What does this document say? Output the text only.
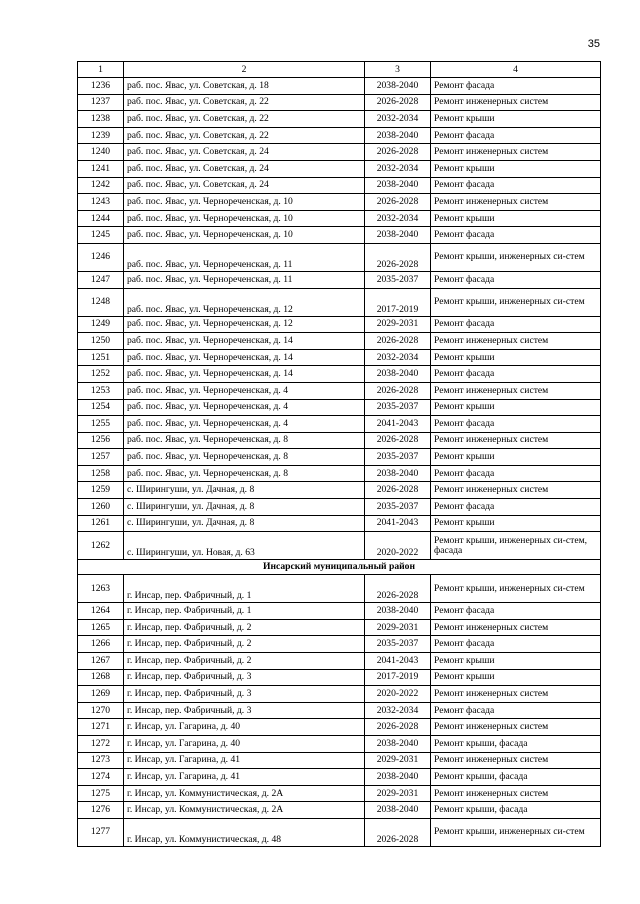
35
1	2	3	4
1236	раб. пос. Явас, ул. Советская, д. 18	2038-2040	Ремонт фасада
1237	раб. пос. Явас, ул. Советская, д. 22	2026-2028	Ремонт инженерных систем
1238	раб. пос. Явас, ул. Советская, д. 22	2032-2034	Ремонт крыши
1239	раб. пос. Явас, ул. Советская, д. 22	2038-2040	Ремонт фасада
1240	раб. пос. Явас, ул. Советская, д. 24	2026-2028	Ремонт инженерных систем
1241	раб. пос. Явас, ул. Советская, д. 24	2032-2034	Ремонт крыши
1242	раб. пос. Явас, ул. Советская, д. 24	2038-2040	Ремонт фасада
1243	раб. пос. Явас, ул. Чернореченская, д. 10	2026-2028	Ремонт инженерных систем
1244	раб. пос. Явас, ул. Чернореченская, д. 10	2032-2034	Ремонт крыши
1245	раб. пос. Явас, ул. Чернореченская, д. 10	2038-2040	Ремонт фасада
1246	раб. пос. Явас, ул. Чернореченская, д. 11	2026-2028	Ремонт крыши, инженерных си-стем
1247	раб. пос. Явас, ул. Чернореченская, д. 11	2035-2037	Ремонт фасада
1248	раб. пос. Явас, ул. Чернореченская, д. 12	2017-2019	Ремонт крыши, инженерных си-стем
1249	раб. пос. Явас, ул. Чернореченская, д. 12	2029-2031	Ремонт фасада
1250	раб. пос. Явас, ул. Чернореченская, д. 14	2026-2028	Ремонт инженерных систем
1251	раб. пос. Явас, ул. Чернореченская, д. 14	2032-2034	Ремонт крыши
1252	раб. пос. Явас, ул. Чернореченская, д. 14	2038-2040	Ремонт фасада
1253	раб. пос. Явас, ул. Чернореченская, д. 4	2026-2028	Ремонт инженерных систем
1254	раб. пос. Явас, ул. Чернореченская, д. 4	2035-2037	Ремонт крыши
1255	раб. пос. Явас, ул. Чернореченская, д. 4	2041-2043	Ремонт фасада
1256	раб. пос. Явас, ул. Чернореченская, д. 8	2026-2028	Ремонт инженерных систем
1257	раб. пос. Явас, ул. Чернореченская, д. 8	2035-2037	Ремонт крыши
1258	раб. пос. Явас, ул. Чернореченская, д. 8	2038-2040	Ремонт фасада
1259	с. Ширингуши, ул. Дачная, д. 8	2026-2028	Ремонт инженерных систем
1260	с. Ширингуши, ул. Дачная, д. 8	2035-2037	Ремонт фасада
1261	с. Ширингуши, ул. Дачная, д. 8	2041-2043	Ремонт крыши
1262	с. Ширингуши, ул. Новая, д. 63	2020-2022	Ремонт крыши, инженерных си-стем, фасада
Инсарский муниципальный район			
1263	г. Инсар, пер. Фабричный, д. 1	2026-2028	Ремонт крыши, инженерных си-стем
1264	г. Инсар, пер. Фабричный, д. 1	2038-2040	Ремонт фасада
1265	г. Инсар, пер. Фабричный, д. 2	2029-2031	Ремонт инженерных систем
1266	г. Инсар, пер. Фабричный, д. 2	2035-2037	Ремонт фасада
1267	г. Инсар, пер. Фабричный, д. 2	2041-2043	Ремонт крыши
1268	г. Инсар, пер. Фабричный, д. 3	2017-2019	Ремонт крыши
1269	г. Инсар, пер. Фабричный, д. 3	2020-2022	Ремонт инженерных систем
1270	г. Инсар, пер. Фабричный, д. 3	2032-2034	Ремонт фасада
1271	г. Инсар, ул. Гагарина, д. 40	2026-2028	Ремонт инженерных систем
1272	г. Инсар, ул. Гагарина, д. 40	2038-2040	Ремонт крыши, фасада
1273	г. Инсар, ул. Гагарина, д. 41	2029-2031	Ремонт инженерных систем
1274	г. Инсар, ул. Гагарина, д. 41	2038-2040	Ремонт крыши, фасада
1275	г. Инсар, ул. Коммунистическая, д. 2А	2029-2031	Ремонт инженерных систем
1276	г. Инсар, ул. Коммунистическая, д. 2А	2038-2040	Ремонт крыши, фасада
1277	г. Инсар, ул. Коммунистическая, д. 48	2026-2028	Ремонт крыши, инженерных си-стем
